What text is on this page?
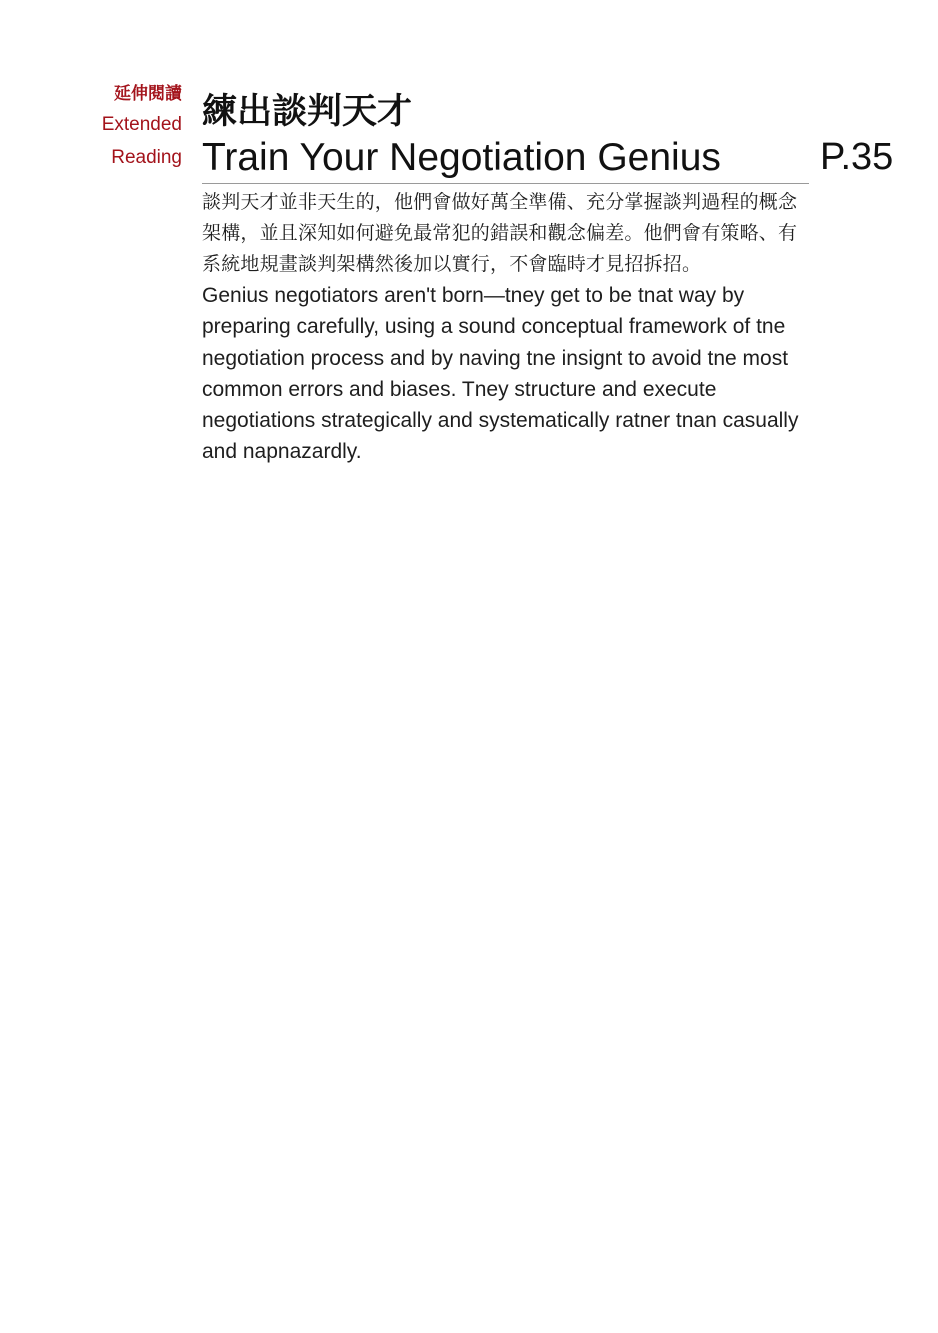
延伸閱讀
Extended
Reading
練出談判天才
Train Your Negotiation Genius	P.35

談判天才並非天生的，他們會做好萬全準備、充分掌握談判過程的概念架構，並且深知如何避免最常犯的錯誤和觀念偏差。他們會有策略、有系統地規畫談判架構然後加以實行，不會臨時才見招拆招。

Genius negotiators aren't born—tney get to be tnat way by preparing carefully, using a sound conceptual framework of tne negotiation process and by naving tne insignt to avoid tne most common errors and biases. Tney structure and execute negotiations strategically and systematically ratner tnan casually and napnazardly.
